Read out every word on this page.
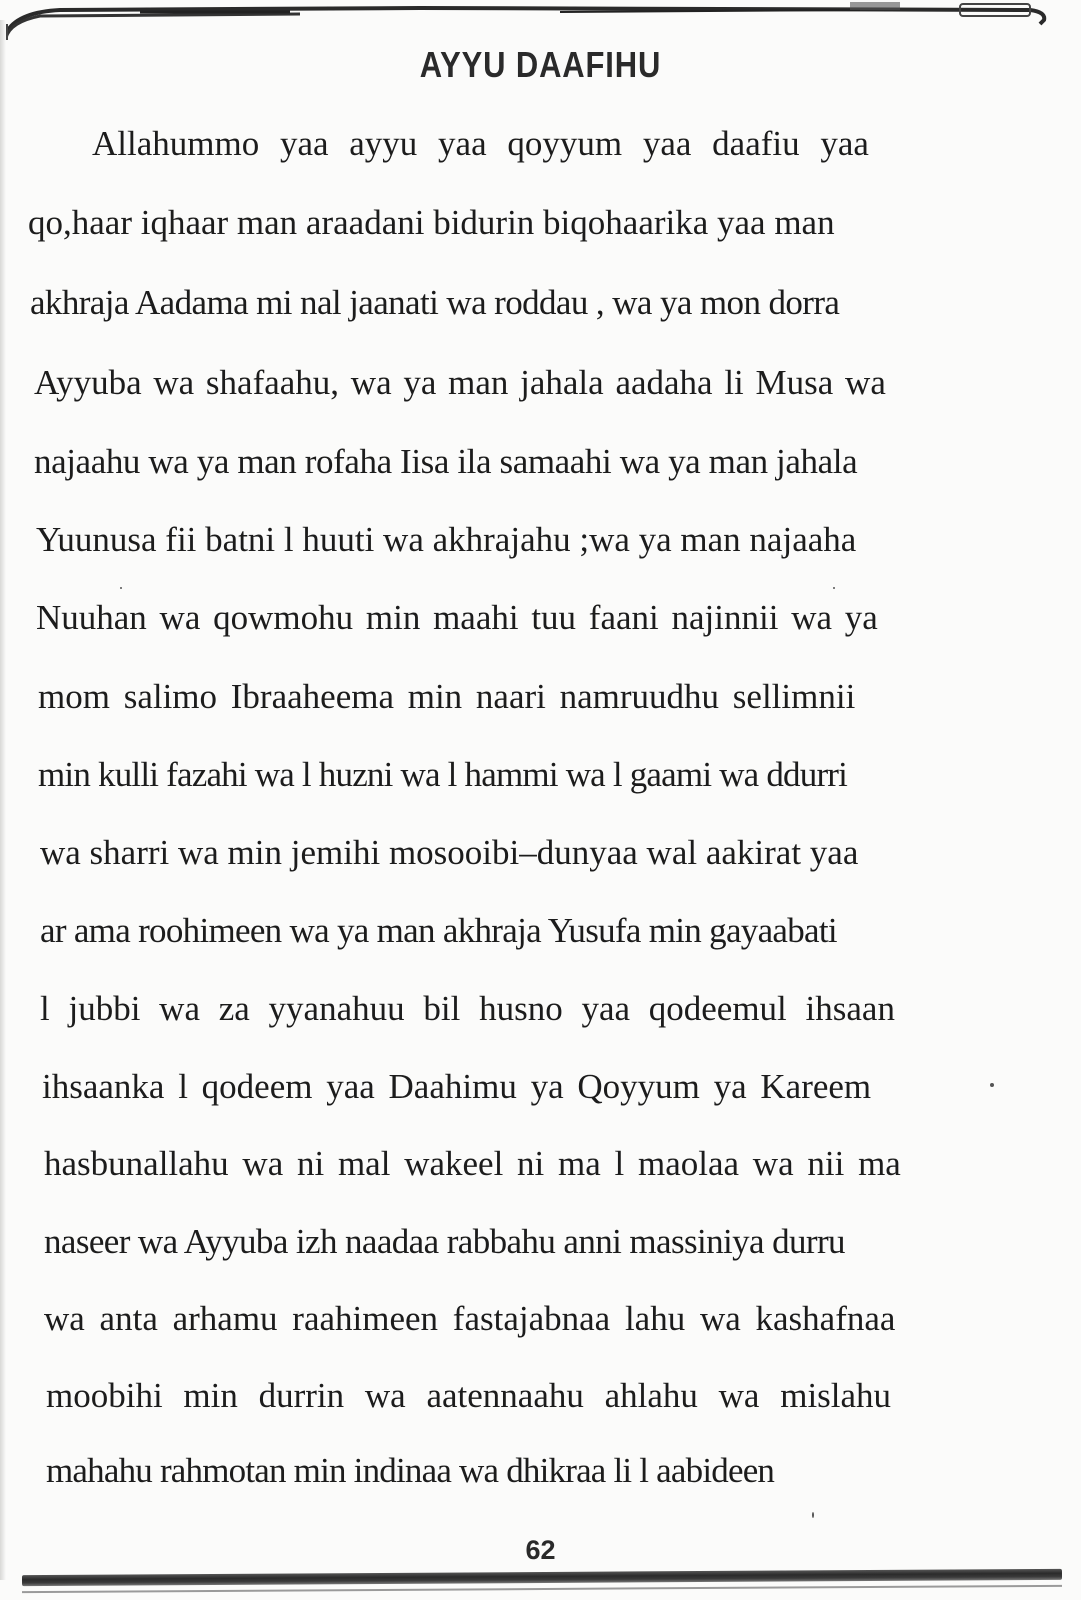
AYYU DAAFIHU
Allahummo yaa ayyu yaa qoyyum yaa daafiu yaa
qo,haar iqhaar man araadani bidurin biqohaarika yaa man
akhraja Aadama mi nal jaanati wa roddau , wa ya mon dorra
Ayyuba wa shafaahu, wa ya man jahala aadaha li Musa wa
najaahu wa ya man rofaha Iisa ila samaahi wa ya man jahala
Yuunusa fii batni l huuti wa akhrajahu ;wa ya man najaaha
Nuuhan wa qowmohu min maahi tuu faani najinnii wa ya
mom salimo Ibraaheema min naari namruudhu sellimnii
min kulli fazahi wa l huzni wa l hammi wa l gaami wa ddurri
wa sharri wa min jemihi mosooibi–dunyaa wal aakirat yaa
ar ama roohimeen wa ya man akhraja Yusufa min gayaabati
l jubbi wa za yyanahuu bil husno yaa qodeemul ihsaan
ihsaanka l qodeem yaa Daahimu ya Qoyyum ya Kareem
hasbunallahu wa ni mal wakeel ni ma l maolaa wa nii ma
naseer wa Ayyuba izh naadaa rabbahu anni massiniya durru
wa anta arhamu raahimeen fastajabnaa lahu wa kashafnaa
moobihi min durrin wa aatennaahu ahlahu wa mislahu
mahahu rahmotan min indinaa wa dhikraa li l aabideen
62
